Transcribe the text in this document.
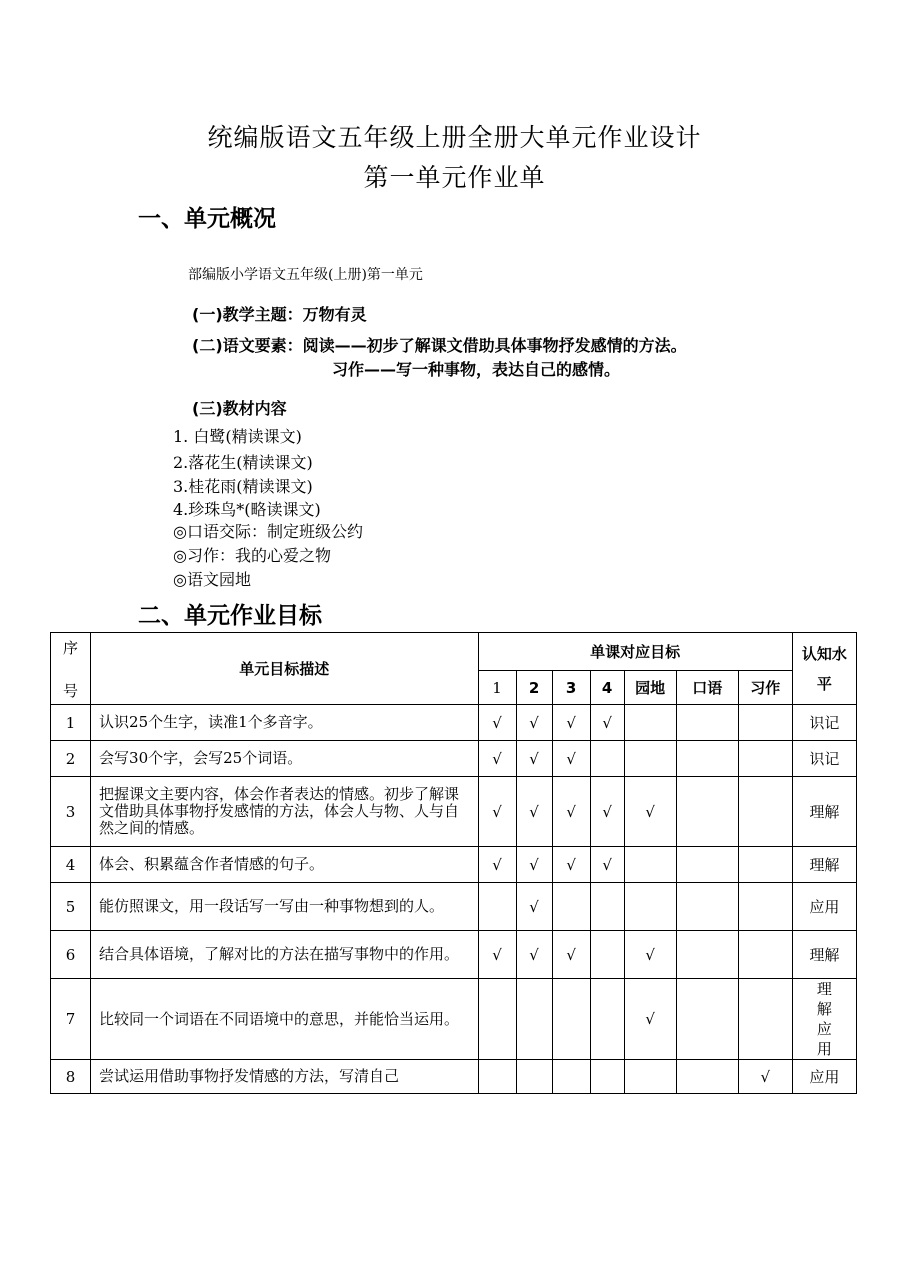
统编版语文五年级上册全册大单元作业设计
第一单元作业单
一、单元概况
部编版小学语文五年级(上册)第一单元
(一)教学主题：万物有灵
(二)语文要素：阅读——初步了解课文借助具体事物抒发感情的方法。
习作——写一种事物，表达自己的感情。
(三)教材内容
1. 白鹭(精读课文)
2.落花生(精读课文)
3.桂花雨(精读课文)
4.珍珠鸟*(略读课文)
◎口语交际：制定班级公约
◎习作：我的心爱之物
◎语文园地
二、单元作业目标
序
号	单元目标描述	单课对应目标							认知水平
		1	2	3	4	园地	口语	习作	
1	认识25个生字，读准1个多音字。	√	√	√	√				识记
2	会写30个字，会写25个词语。	√	√	√					识记
3	把握课文主要内容，体会作者表达的情感。初步了解课文借助具体事物抒发感情的方法，体会人与物、人与自然之间的情感。	√	√	√	√	√			理解
4	体会、积累蕴含作者情感的句子。	√	√	√	√				理解
5	能仿照课文，用一段话写一写由一种事物想到的人。		√						应用
6	结合具体语境，了解对比的方法在描写事物中的作用。	√	√	√		√			理解
7	比较同一个词语在不同语境中的意思，并能恰当运用。					√			理解应用
8	尝试运用借助事物抒发情感的方法，写清自己							√	应用
